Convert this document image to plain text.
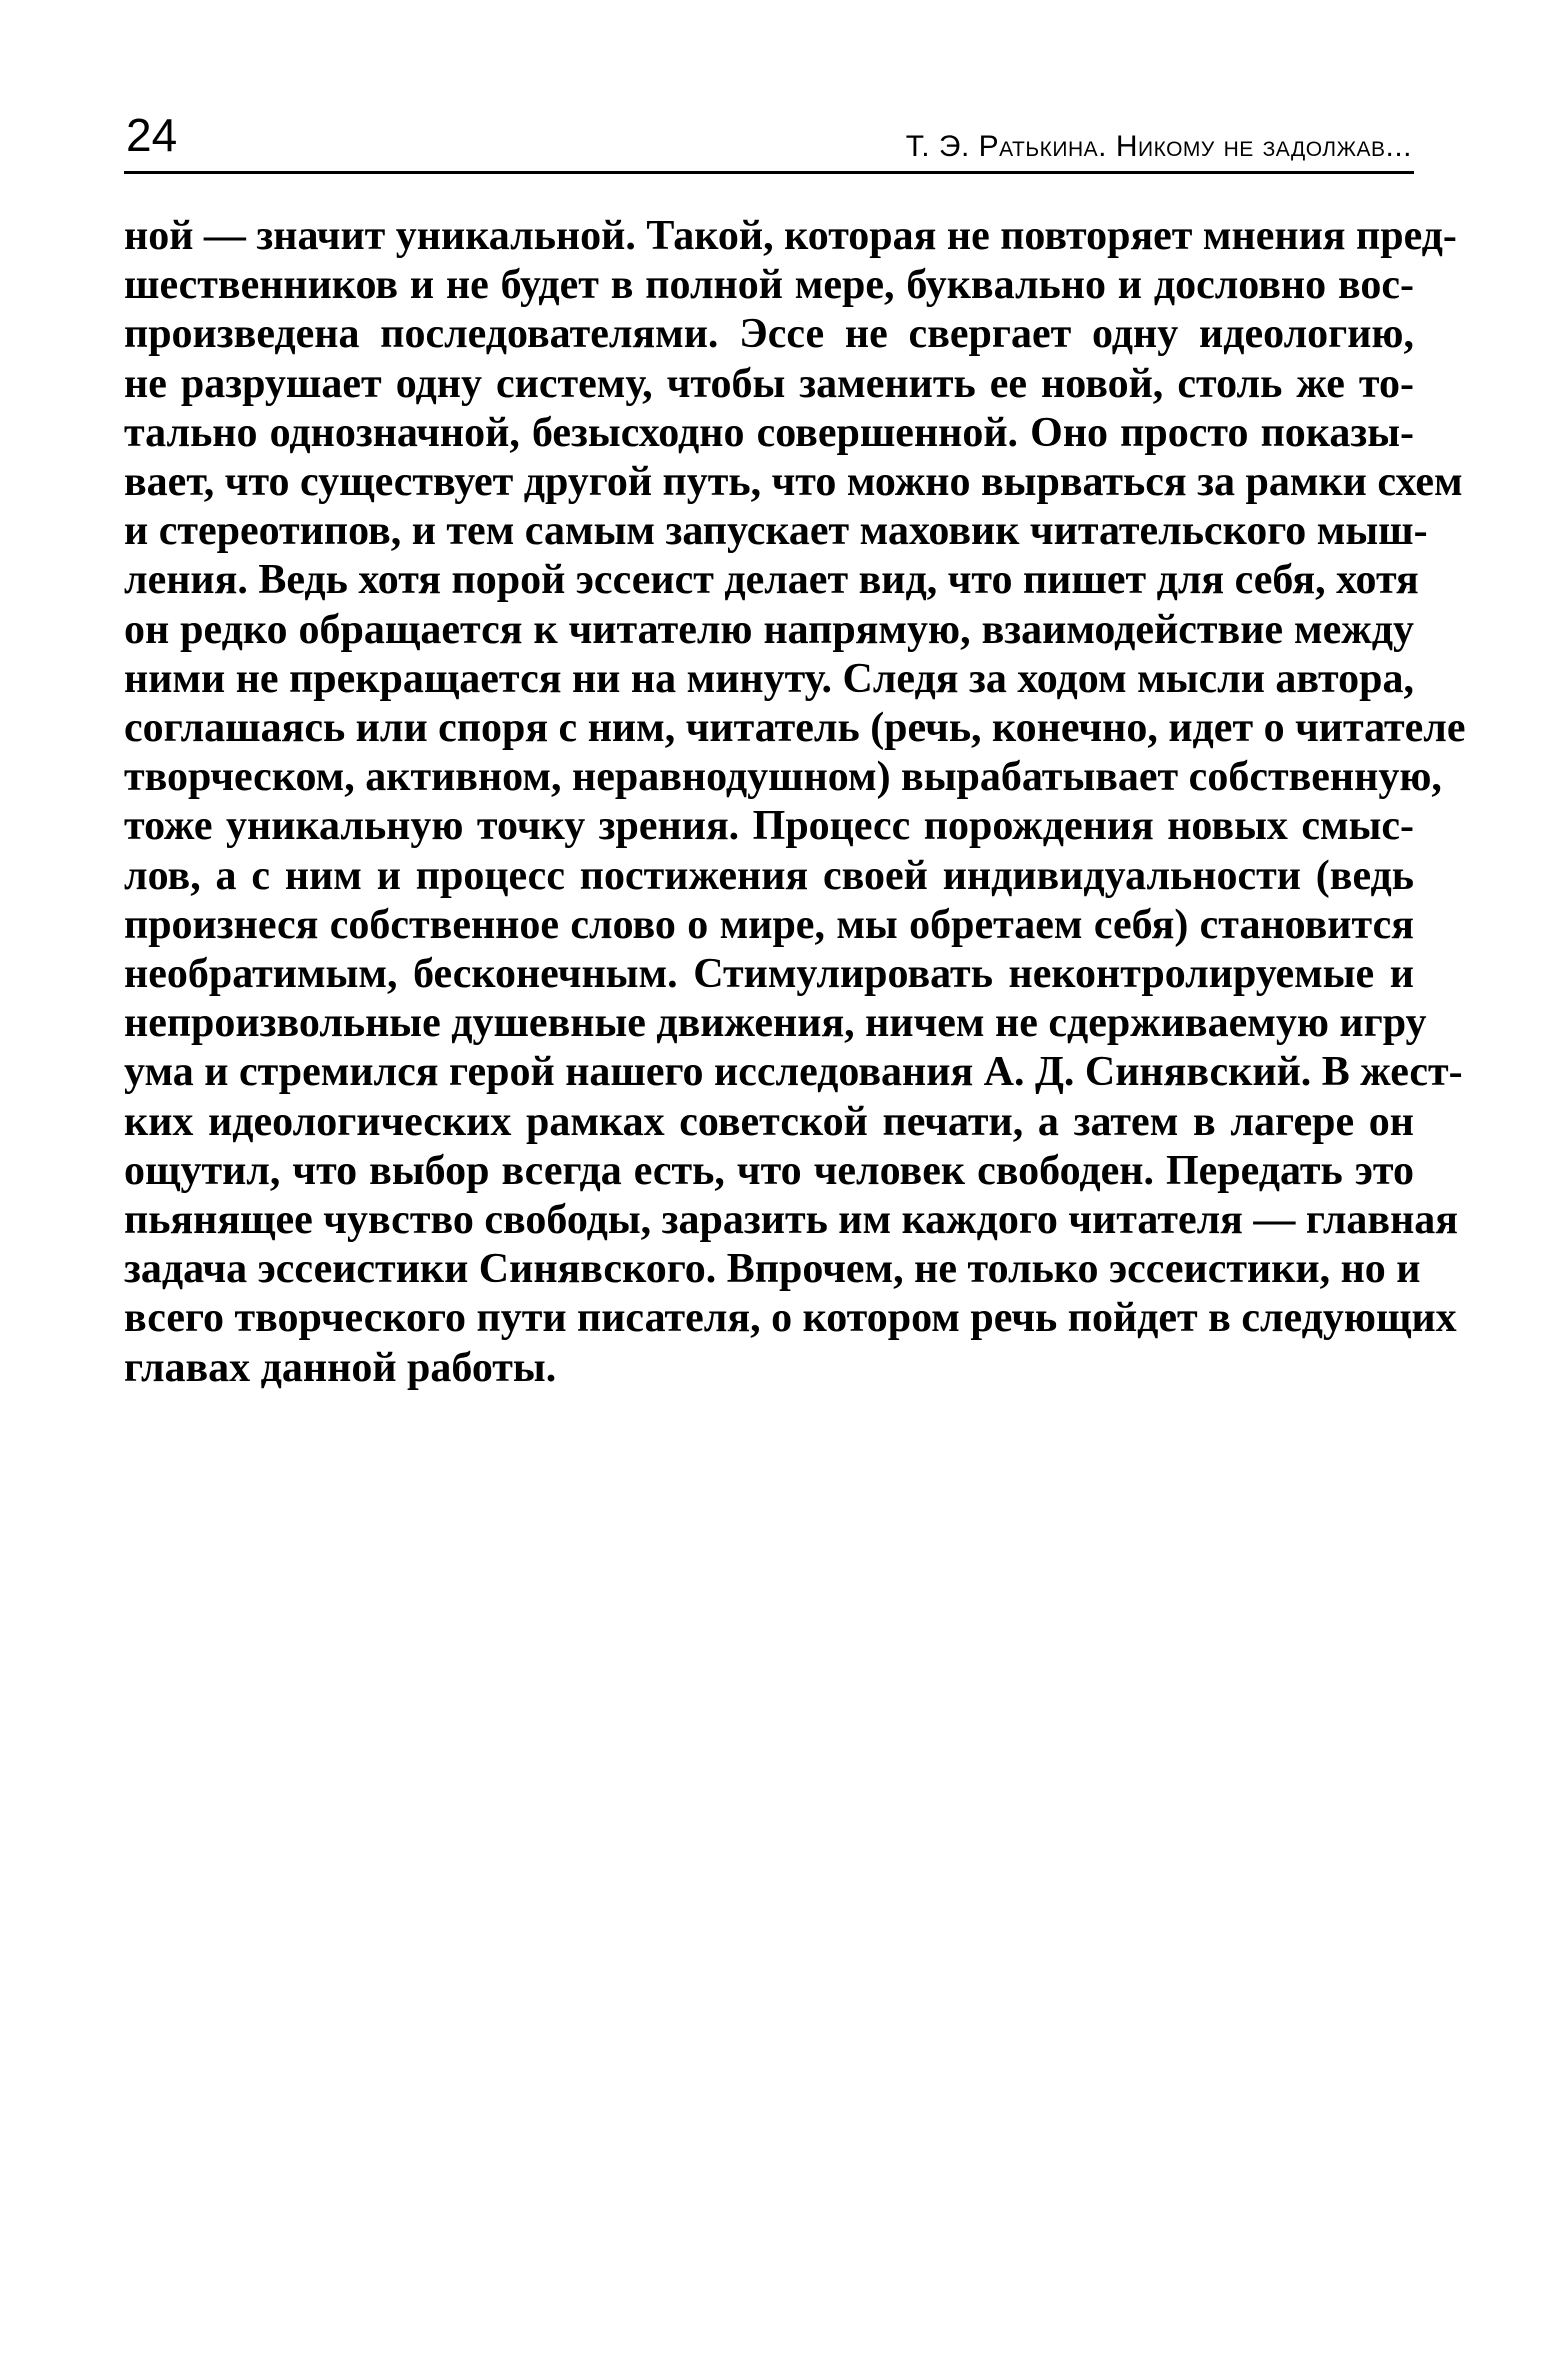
24	Т. Э. Ратькина. Никому не задолжав...
ной — значит уникальной. Такой, которая не повторяет мнения пред-
шественников и не будет в полной мере, буквально и дословно вос-
произведена последователями. Эссе не свергает одну идеологию,
не разрушает одну систему, чтобы заменить ее новой, столь же то-
тально однозначной, безысходно совершенной. Оно просто показы-
вает, что существует другой путь, что можно вырваться за рамки схем
и стереотипов, и тем самым запускает маховик читательского мыш-
ления. Ведь хотя порой эссеист делает вид, что пишет для себя, хотя
он редко обращается к читателю напрямую, взаимодействие между
ними не прекращается ни на минуту. Следя за ходом мысли автора,
соглашаясь или споря с ним, читатель (речь, конечно, идет о читателе
творческом, активном, неравнодушном) вырабатывает собственную,
тоже уникальную точку зрения. Процесс порождения новых смыс-
лов, а с ним и процесс постижения своей индивидуальности (ведь
произнеся собственное слово о мире, мы обретаем себя) становится
необратимым, бесконечным. Стимулировать неконтролируемые и
непроизвольные душевные движения, ничем не сдерживаемую игру
ума и стремился герой нашего исследования А. Д. Синявский. В жест-
ких идеологических рамках советской печати, а затем в лагере он
ощутил, что выбор всегда есть, что человек свободен. Передать это
пьянящее чувство свободы, заразить им каждого читателя — главная
задача эссеистики Синявского. Впрочем, не только эссеистики, но и
всего творческого пути писателя, о котором речь пойдет в следующих
главах данной работы.
